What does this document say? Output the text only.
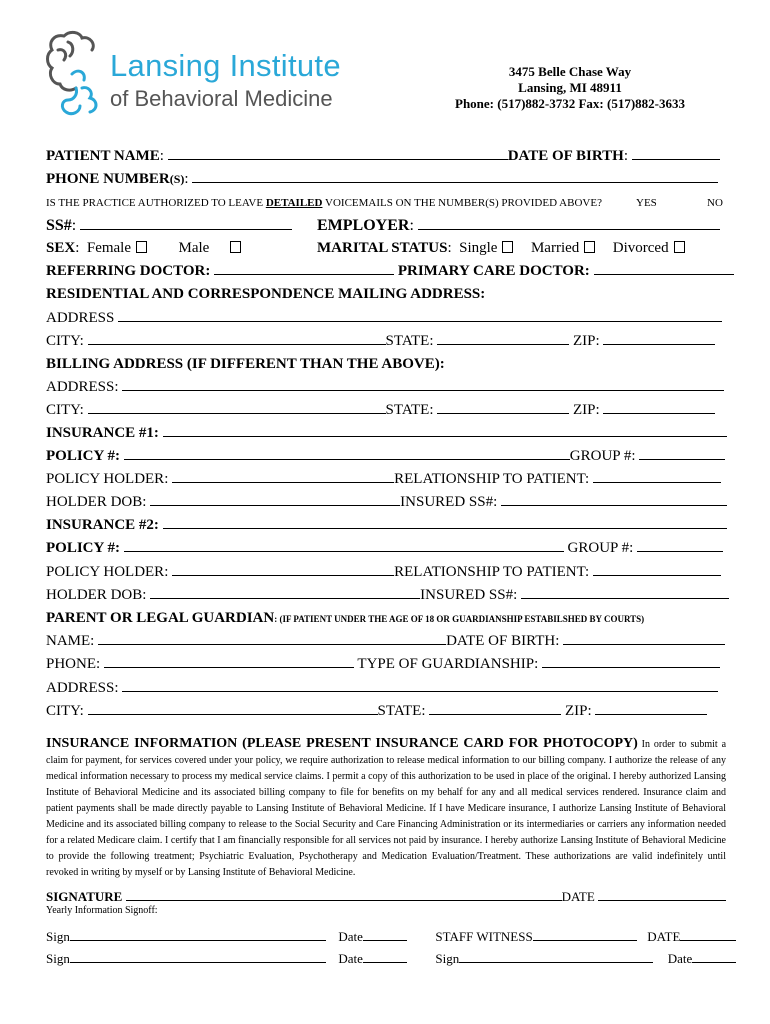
Lansing Institute
of Behavioral Medicine
3475 Belle Chase Way
Lansing, MI 48911
Phone: (517)882-3732 Fax: (517)882-3633
PATIENT NAME:	DATE OF BIRTH:
PHONE NUMBER(S):
IS THE PRACTICE AUTHORIZED TO LEAVE DETAILED VOICEMAILS ON THE NUMBER(S) PROVIDED ABOVE?	YES	NO
SS#:	EMPLOYER:
SEX:  Female	Male	MARITAL STATUS:  Single Married Divorced
REFERRING DOCTOR:	PRIMARY CARE DOCTOR:
RESIDENTIAL AND CORRESPONDENCE MAILING ADDRESS:
ADDRESS
CITY:	STATE:	ZIP:
BILLING ADDRESS (IF DIFFERENT THAN THE ABOVE):
ADDRESS:
CITY:	STATE:	ZIP:
INSURANCE #1:
POLICY #:	GROUP #:
POLICY HOLDER:	RELATIONSHIP TO PATIENT:
HOLDER DOB:	INSURED SS#:
INSURANCE #2:
POLICY #:	GROUP #:
POLICY HOLDER:	RELATIONSHIP TO PATIENT:
HOLDER DOB:	INSURED SS#:
PARENT OR LEGAL GUARDIAN: (IF PATIENT UNDER THE AGE OF 18 OR GUARDIANSHIP ESTABILSHED BY COURTS)
NAME:	DATE OF BIRTH:
PHONE:	TYPE OF GUARDIANSHIP:
ADDRESS:
CITY:	STATE:	ZIP:
INSURANCE INFORMATION (PLEASE PRESENT INSURANCE CARD FOR PHOTOCOPY) In order to submit a claim for payment, for services covered under your policy, we require authorization to release medical information to our billing company. I authorize the release of any medical information necessary to process my medical service claims. I permit a copy of this authorization to be used in place of the original. I hereby authorized Lansing Institute of Behavioral Medicine and its associated billing company to file for benefits on my behalf for any and all medical services rendered. Insurance claim and patient payments shall be made directly payable to Lansing Institute of Behavioral Medicine. If I have Medicare insurance, I authorize Lansing Institute of Behavioral Medicine and its associated billing company to release to the Social Security and Care Financing Administration or its intermediaries or carriers any information needed for a related Medicare claim. I certify that I am financially responsible for all services not paid by insurance. I hereby authorize Lansing Institute of Behavioral Medicine to provide the following treatment; Psychiatric Evaluation, Psychotherapy and Medication Evaluation/Treatment. These authorizations are valid indefinitely until revoked in writing by myself or by Lansing Institute of Behavioral Medicine.
SIGNATURE	DATE
Yearly Information Signoff:
Sign	Date	STAFF WITNESS	DATE
Sign	Date	Sign	Date
